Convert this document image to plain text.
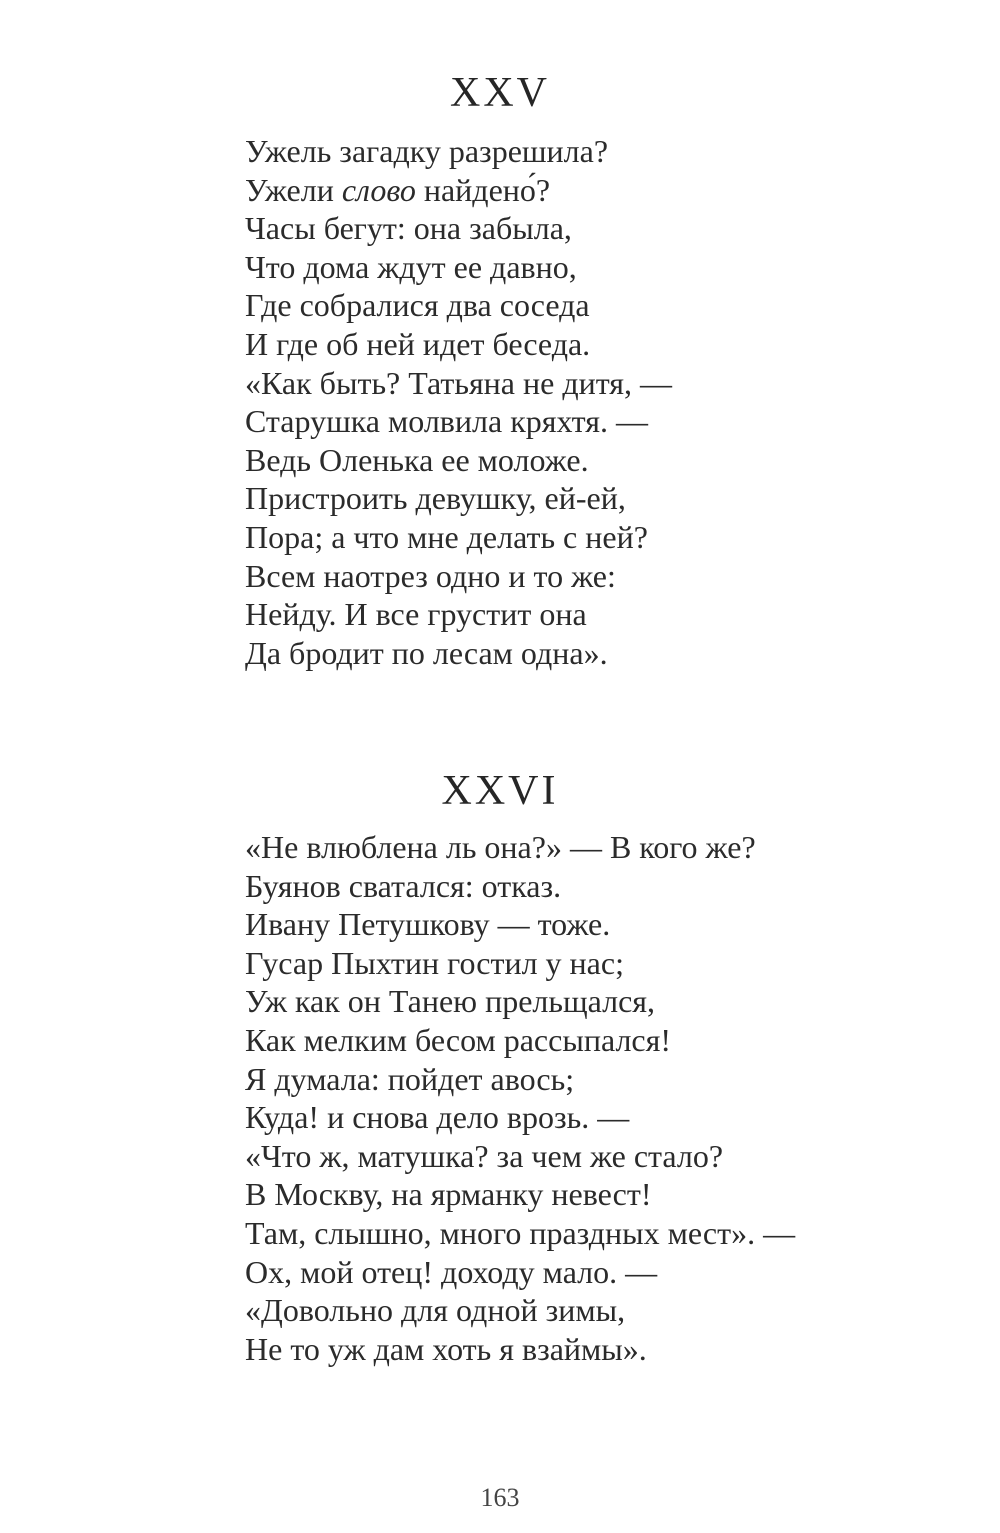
XXV
Ужель загадку разрешила?
Ужели слово найдено́?
Часы бегут: она забыла,
Что дома ждут ее давно,
Где собралися два соседа
И где об ней идет беседа.
«Как быть? Татьяна не дитя, —
Старушка молвила кряхтя. —
Ведь Оленька ее моложе.
Пристроить девушку, ей-ей,
Пора; а что мне делать с ней?
Всем наотрез одно и то же:
Нейду. И все грустит она
Да бродит по лесам одна».
XXVI
«Не влюблена ль она?» — В кого же?
Буянов сватался: отказ.
Ивану Петушкову — тоже.
Гусар Пыхтин гостил у нас;
Уж как он Танею прельщался,
Как мелким бесом рассыпался!
Я думала: пойдет авось;
Куда! и снова дело врозь. —
«Что ж, матушка? за чем же стало?
В Москву, на ярманку невест!
Там, слышно, много праздных мест». —
Ох, мой отец! доходу мало. —
«Довольно для одной зимы,
Не то уж дам хоть я взаймы».
163
